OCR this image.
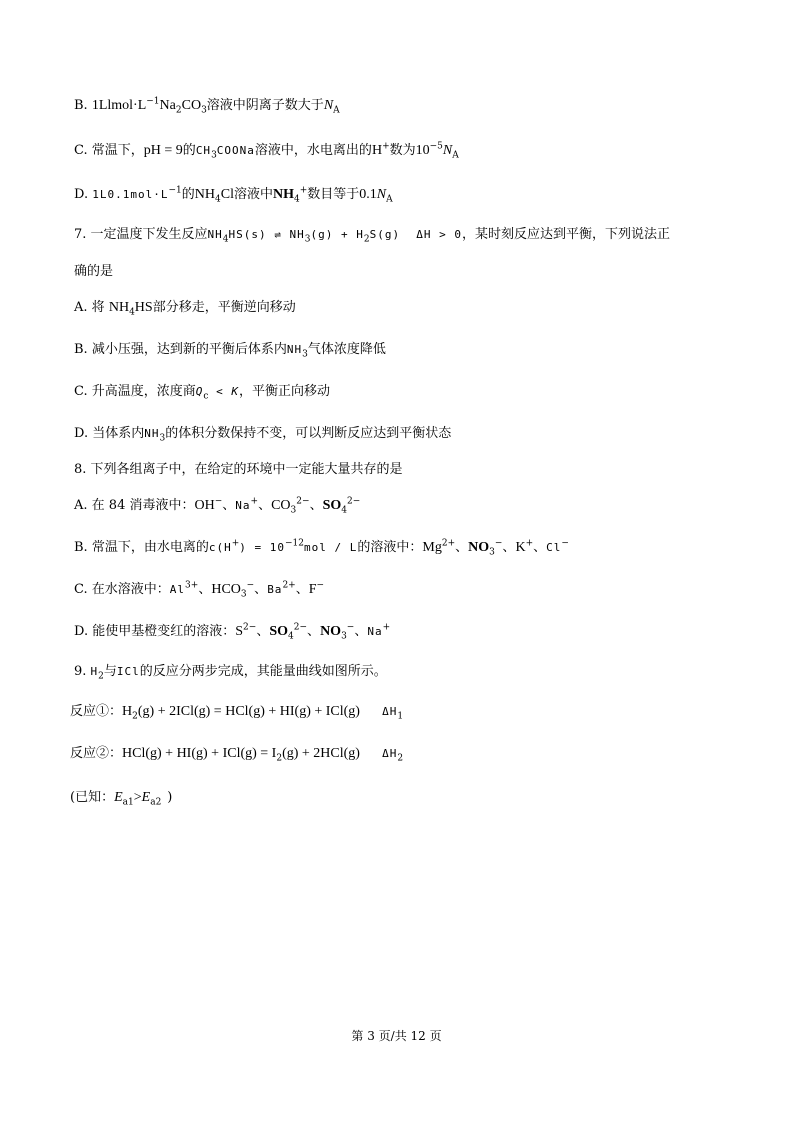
B. $1Llmol\cdot L^{-1}Na_2CO_3$溶液中阴离子数大于$N_A$
C. 常温下，pH = 9的$CH_3COONa$溶液中，水电离出的H+数为$10^{-5}N_A$
D. $1L0.1mol\cdot L^{-1}$的$NH_4Cl$溶液中$NH_4^+$数目等于$0.1N_A$
7. 一定温度下发生反应$NH_4HS(s)$ ⇌ $NH_3(g) + H_2S(g) \Delta H > 0$，某时刻反应达到平衡，下列说法正
确的是
A. 将 $NH_4HS$部分移走，平衡逆向移动
B. 减小压强，达到新的平衡后体系内$NH_3$气体浓度降低
C. 升高温度，浓度商$Q_c < K$，平衡正向移动
D. 当体系内$NH_3$的体积分数保持不变，可以判断反应达到平衡状态
8. 下列各组离子中，在给定的环境中一定能大量共存的是
A. 在 84 消毒液中：OH−、Na+、$CO_3^{2-}$、$SO_4^{2-}$
B. 常温下，由水电离的$c(H^+) = 10^{-12}mol / L$的溶液中：$Mg^{2+}$、$NO_3^-$、K+、Cl−
C. 在水溶液中：$Al^{3+}$、$HCO_3^-$、$Ba^{2+}$、F−
D. 能使甲基橙变红的溶液：$S^{2-}$、$SO_4^{2-}$、$NO_3^-$、Na+
9. $H_2$与ICl的反应分两步完成，其能量曲线如图所示。
反应①：$H_2(g) + 2ICl(g) = HCl(g) + HI(g) + ICl(g)$ $\Delta H_1$
反应②：$HCl(g) + HI(g) + ICl(g) = I_2(g) + 2HCl(g)$ $\Delta H_2$
(已知：$E_{a1}>E_{a2}$ )
第 3 页/共 12 页
